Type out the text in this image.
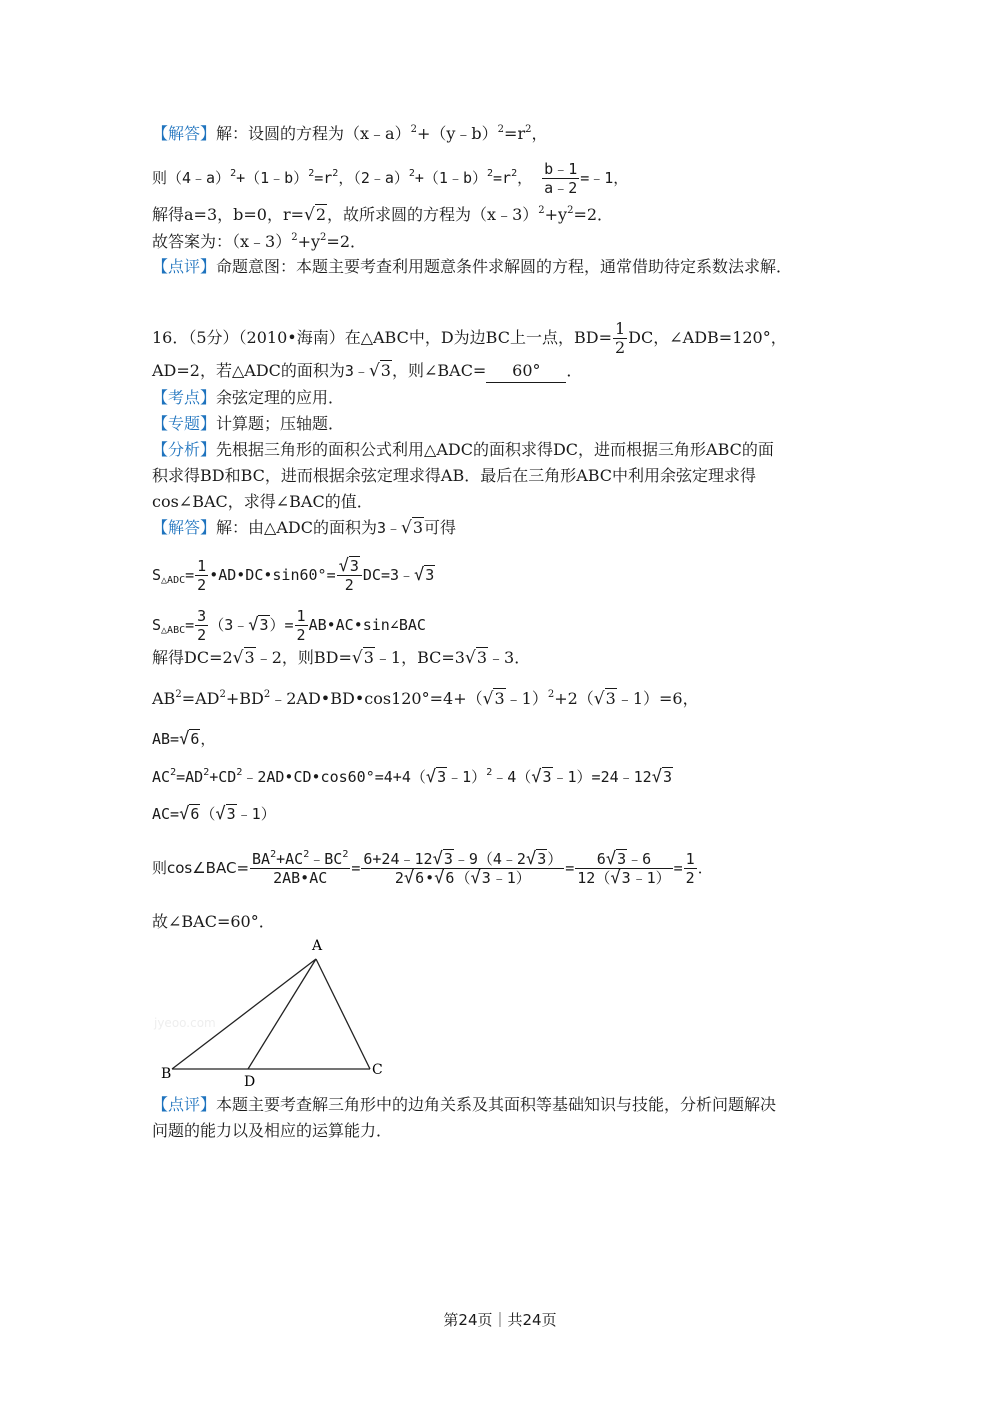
【解答】解：设圆的方程为$(x﹣a)^2+(y﹣b)^2=r^2$，
则$(4﹣a)^2+(1﹣b)^2=r^2$，$(2﹣a)^2+(1﹣b)^2=r^2$， $\frac{b﹣1}{a﹣2}$ =﹣1，
解得a=3，b=0，r=√2，故所求圆的方程为$(x﹣3)^2+y^2=2$．
故答案为：$(x﹣3)^2+y^2=2$．
【点评】命题意图：本题主要考查利用题意条件求解圆的方程，通常借助待定系数法求解．
16．（5分）（2010•海南）在△ABC中，D为边BC上一点，$BD= \frac{1}{2}$ DC，∠ADB=120°，
AD=2，若△ADC的面积为3﹣√3，则∠BAC= 60° ．
【考点】余弦定理的应用．
【专题】计算题；压轴题．
【分析】先根据三角形的面积公式利用△ADC的面积求得DC，进而根据三角形ABC的面
积求得BD和BC，进而根据余弦定理求得AB．最后在三角形ABC中利用余弦定理求得
cos∠BAC，求得∠BAC的值．
【解答】解：由△ADC的面积为3﹣√3可得
$S_{\triangle ADC}= \frac{1}{2}$ •AD•DC•sin60°= $\frac{√3}{2}$ DC=3﹣√3
$S_{\triangle ABC}= \frac{3}{2}$ （3﹣√3）= $\frac{1}{2}$ AB•AC•sin∠BAC
解得DC=2√3﹣2，则BD=√3﹣1，BC=3√3﹣3．
$AB^2=AD^2+BD^2﹣2AD•BD•\cos 120^\circ=4+(√3﹣1)^2+2(√3﹣1)=6$，
AB=√6，
$AC^2=AD^2+CD^2﹣2AD•CD•\cos 60^\circ=4+4(√3﹣1)^2﹣4(√3﹣1)=24﹣12√3$
AC=√6（√3﹣1）
则cos∠BAC= $\frac{BA^2+AC^2﹣BC^2}{2AB•AC} = \frac{6+24﹣12√3﹣9(4﹣2√3)}{2√6•√6(√3﹣1)} = \frac{6√3﹣6}{12(√3﹣1)} = \frac{1}{2}$ ．
故∠BAC=60°．
A
B	C
D
jyeoo.com
【点评】本题主要考查解三角形中的边角关系及其面积等基础知识与技能，分析问题解决
问题的能力以及相应的运算能力．
第24页｜共24页
